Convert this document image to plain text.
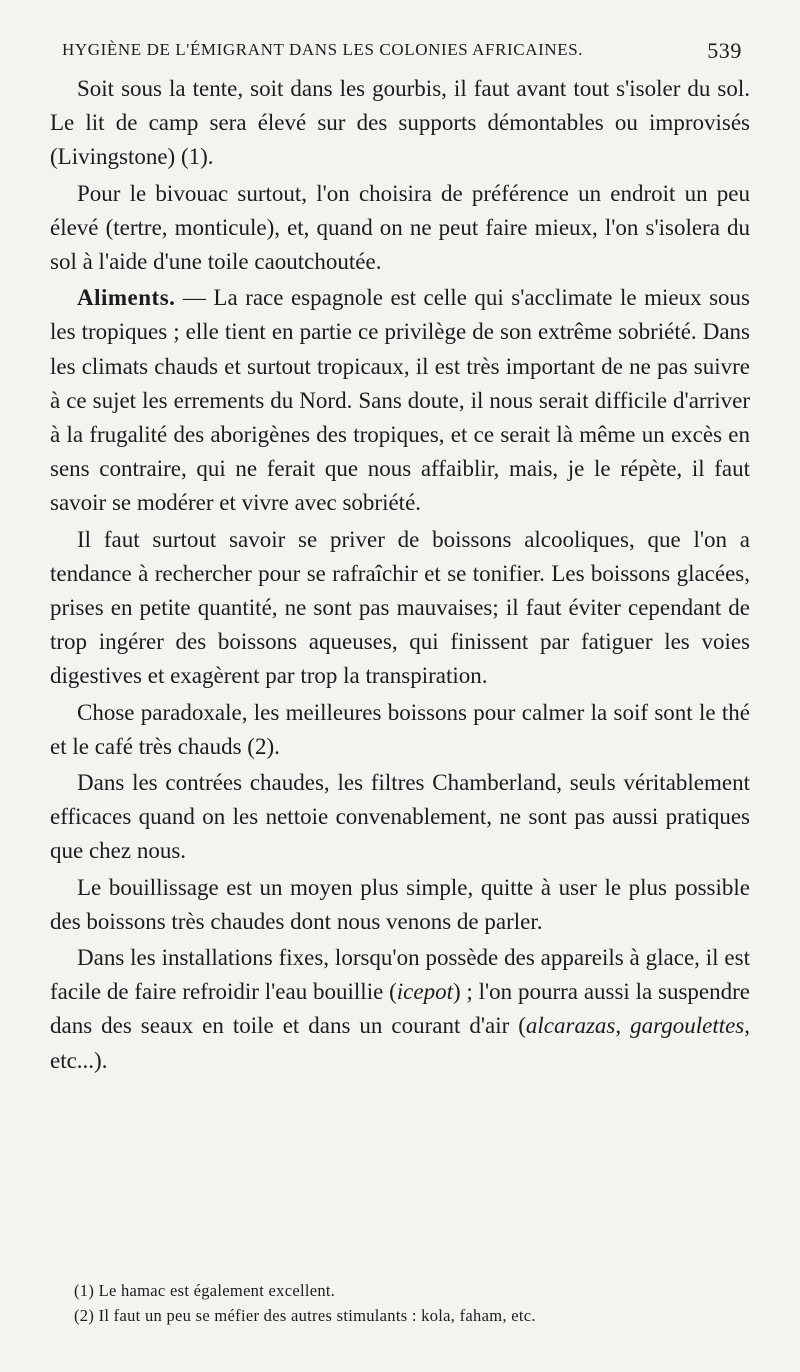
HYGIÈNE DE L'ÉMIGRANT DANS LES COLONIES AFRICAINES.	539

Soit sous la tente, soit dans les gourbis, il faut avant tout s'isoler du sol. Le lit de camp sera élevé sur des supports démontables ou improvisés (Livingstone) (1).

Pour le bivouac surtout, l'on choisira de préférence un endroit un peu élevé (tertre, monticule), et, quand on ne peut faire mieux, l'on s'isolera du sol à l'aide d'une toile caoutchoutée.

Aliments. — La race espagnole est celle qui s'acclimate le mieux sous les tropiques ; elle tient en partie ce privilège de son extrême sobriété. Dans les climats chauds et surtout tropicaux, il est très important de ne pas suivre à ce sujet les errements du Nord. Sans doute, il nous serait difficile d'arriver à la frugalité des aborigènes des tropiques, et ce serait là même un excès en sens contraire, qui ne ferait que nous affaiblir, mais, je le répète, il faut savoir se modérer et vivre avec sobriété.

Il faut surtout savoir se priver de boissons alcooliques, que l'on a tendance à rechercher pour se rafraîchir et se tonifier. Les boissons glacées, prises en petite quantité, ne sont pas mauvaises; il faut éviter cependant de trop ingérer des boissons aqueuses, qui finissent par fatiguer les voies digestives et exagèrent par trop la transpiration.

Chose paradoxale, les meilleures boissons pour calmer la soif sont le thé et le café très chauds (2).

Dans les contrées chaudes, les filtres Chamberland, seuls véritablement efficaces quand on les nettoie convenablement, ne sont pas aussi pratiques que chez nous.

Le bouillissage est un moyen plus simple, quitte à user le plus possible des boissons très chaudes dont nous venons de parler.

Dans les installations fixes, lorsqu'on possède des appareils à glace, il est facile de faire refroidir l'eau bouillie (icepot) ; l'on pourra aussi la suspendre dans des seaux en toile et dans un courant d'air (alcarazas, gargoulettes, etc...).

(1) Le hamac est également excellent.
(2) Il faut un peu se méfier des autres stimulants : kola, faham, etc.
